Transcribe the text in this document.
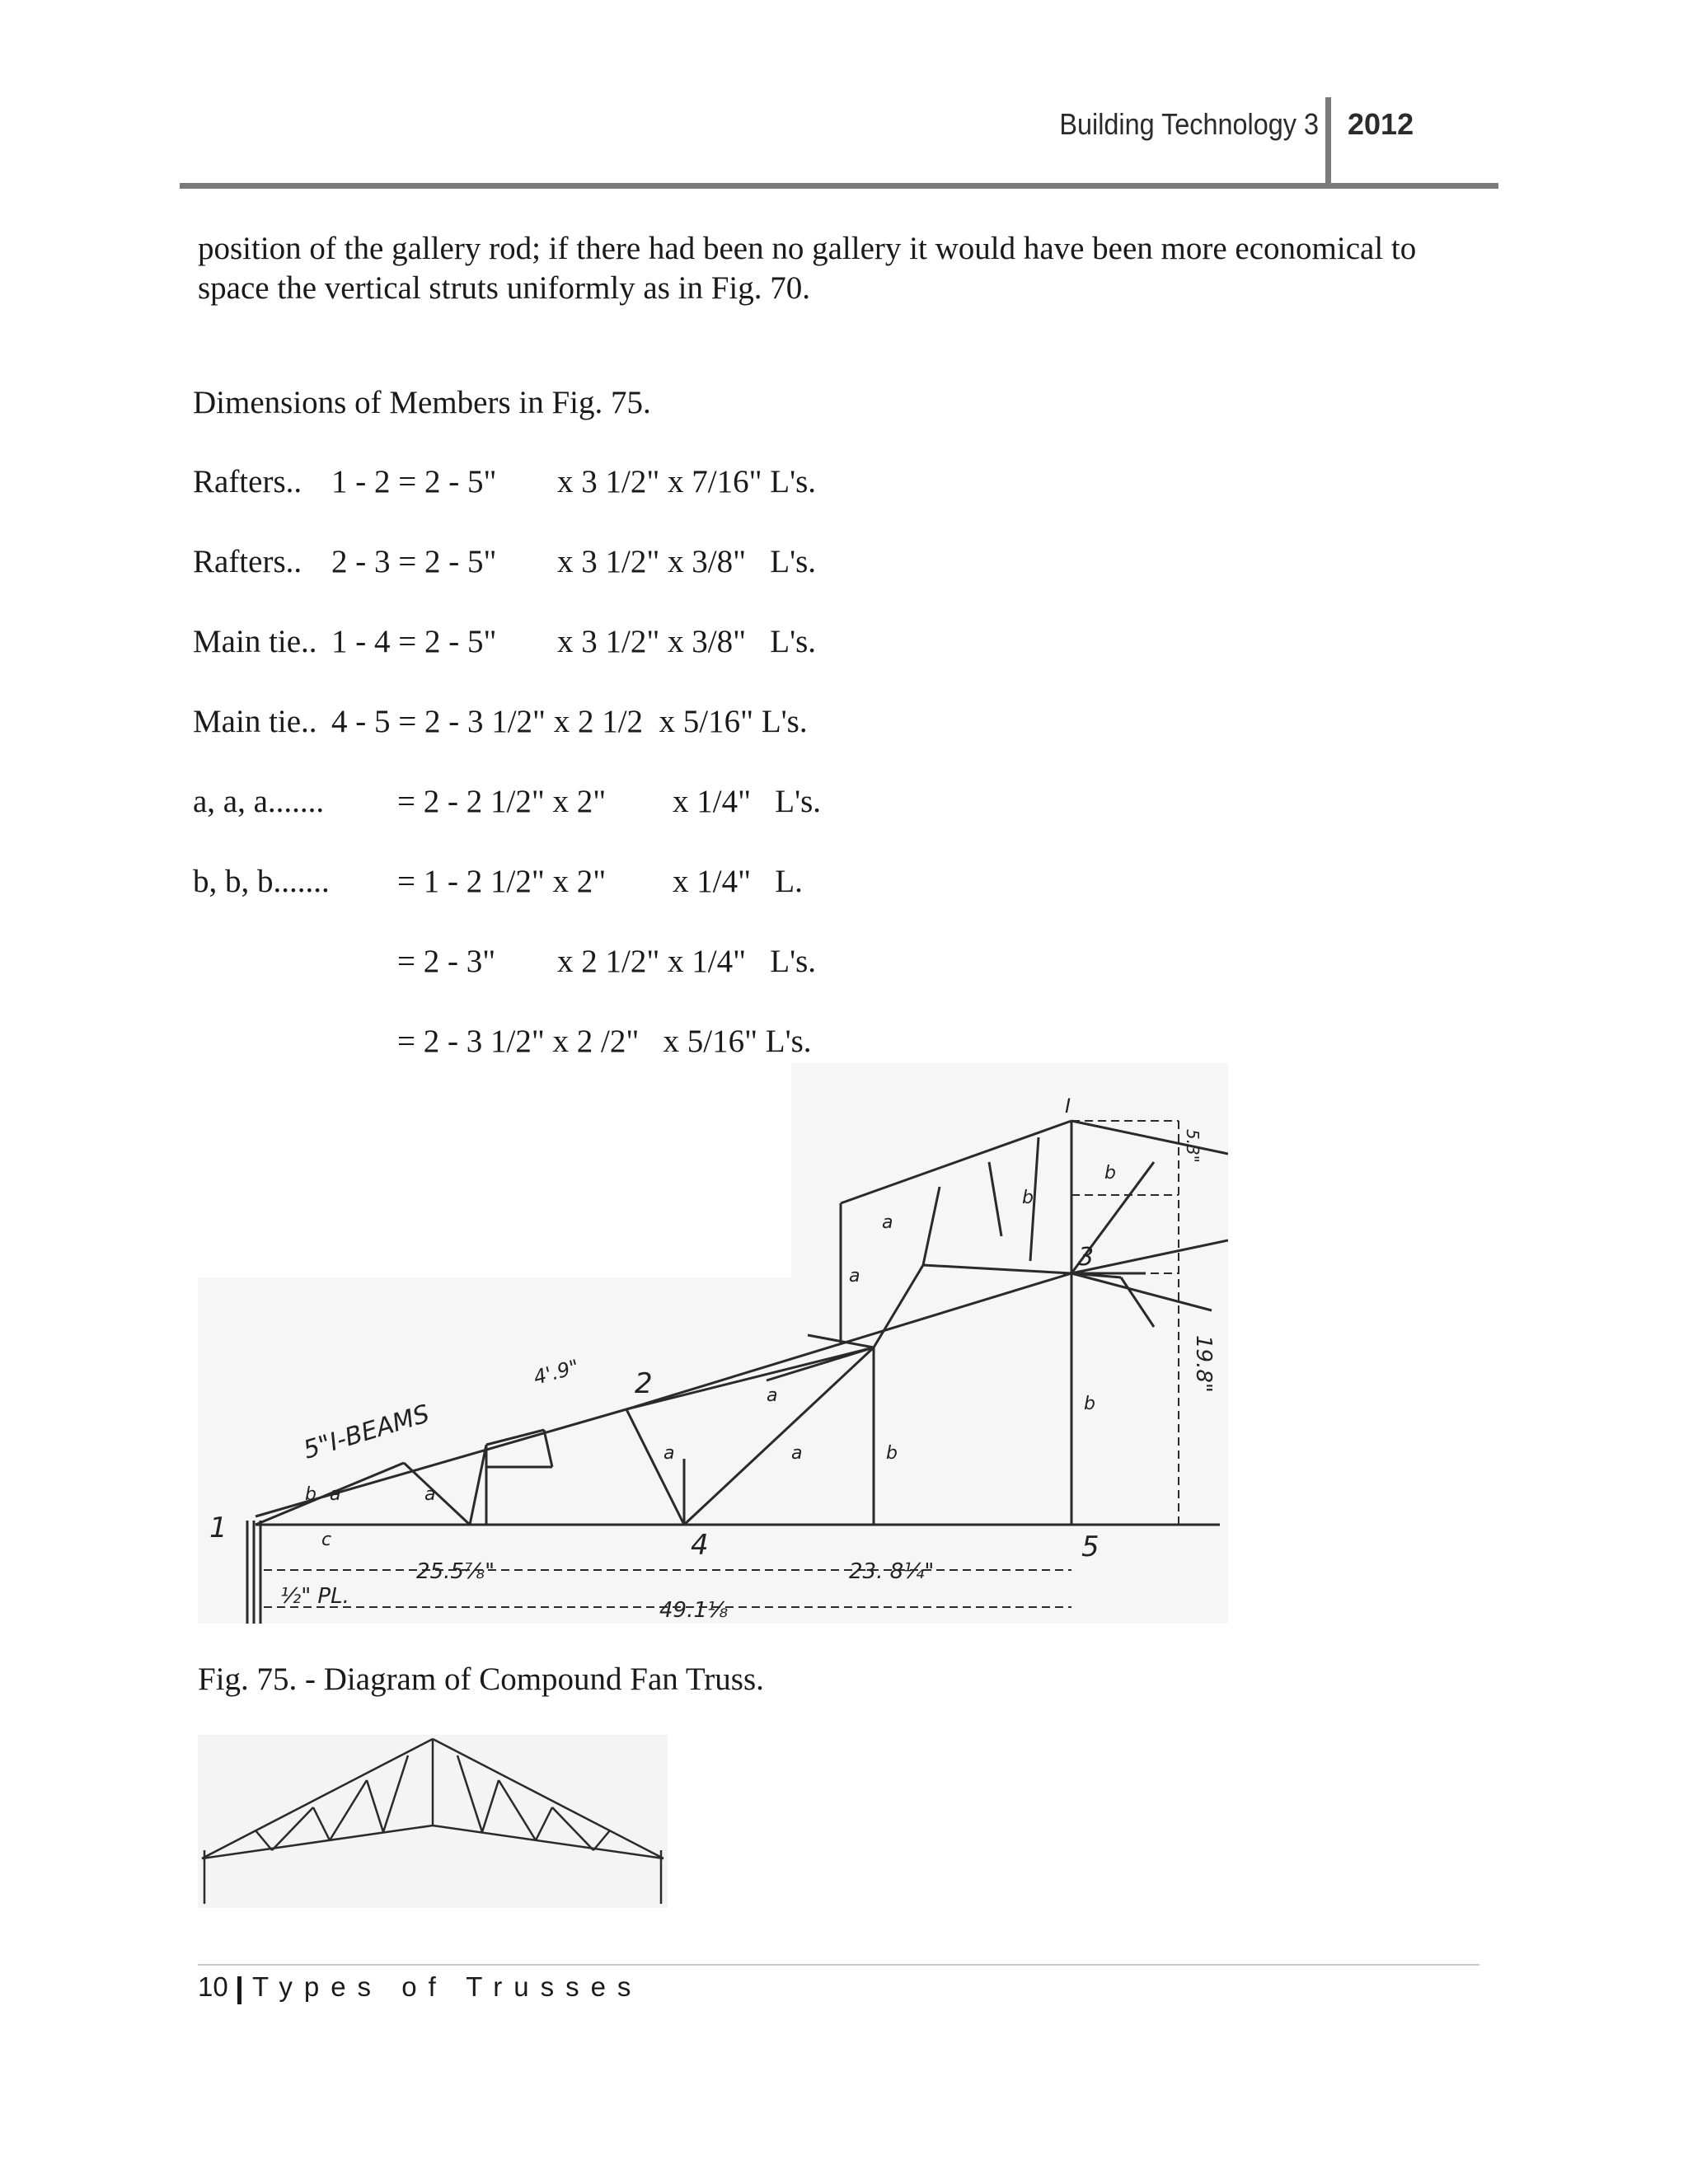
Building Technology 3 2012
position of the gallery rod; if there had been no gallery it would have been more economical to
space the vertical struts uniformly as in Fig. 70.
Dimensions of Members in Fig. 75.
Rafters.. 1 - 2 = 2 - 5" x 3 1/2" x 7/16" L's.
Rafters.. 2 - 3 = 2 - 5" x 3 1/2" x 3/8"   L's.
Main tie.. 1 - 4 = 2 - 5" x 3 1/2" x 3/8"   L's.
Main tie.. 4 - 5 = 2 - 3 1/2" x 2 1/2  x 5/16" L's.
a, a, a....... = 2 - 2 1/2" x 2" x 1/4"   L's.
b, b, b....... = 1 - 2 1/2" x 2" x 1/4"   L.
= 2 - 3" x 2 1/2" x 1/4"   L's.
= 2 - 3 1/2" x 2 /2"   x 5/16" L's.
1
2
3
4	5
5"I-BEAMS
4'.9"
½" PL.
25.5⅞"	23. 8¼"
49.1⅛
19.8"
5.3"
a	a
a	a
a
a
a
b
b
b
b
b
c
I
Fig. 75. - Diagram of Compound Fan Truss.
10 Types of Trusses
